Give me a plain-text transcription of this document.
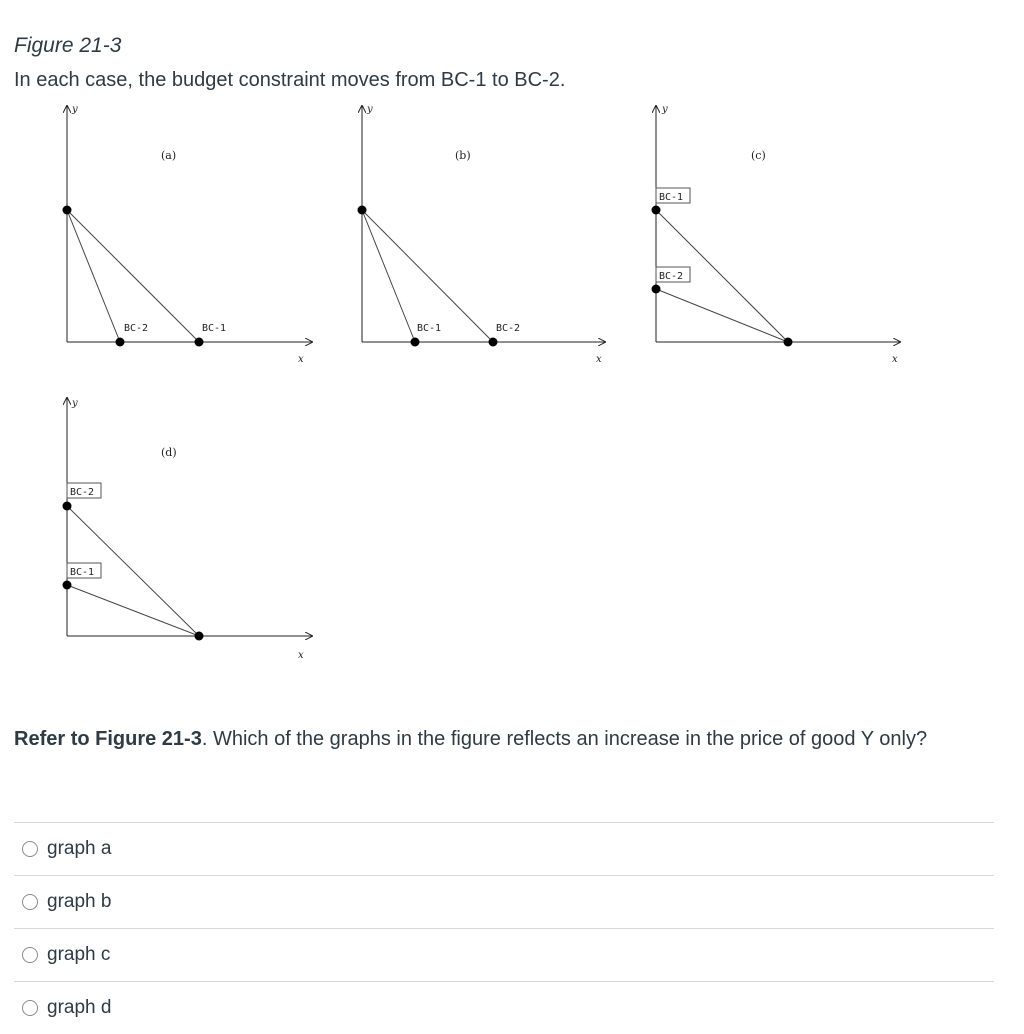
Figure 21-3

In each case, the budget constraint moves from BC-1 to BC-2.

y
x
(a)
BC-2	BC-1
y
x
(b)
BC-1	BC-2
y
x
(c)
BC-1
BC-2
y
x
(d)
BC-2
BC-1

Refer to Figure 21-3. Which of the graphs in the figure reflects an increase in the price of good Y only?

graph a
graph b
graph c
graph d
